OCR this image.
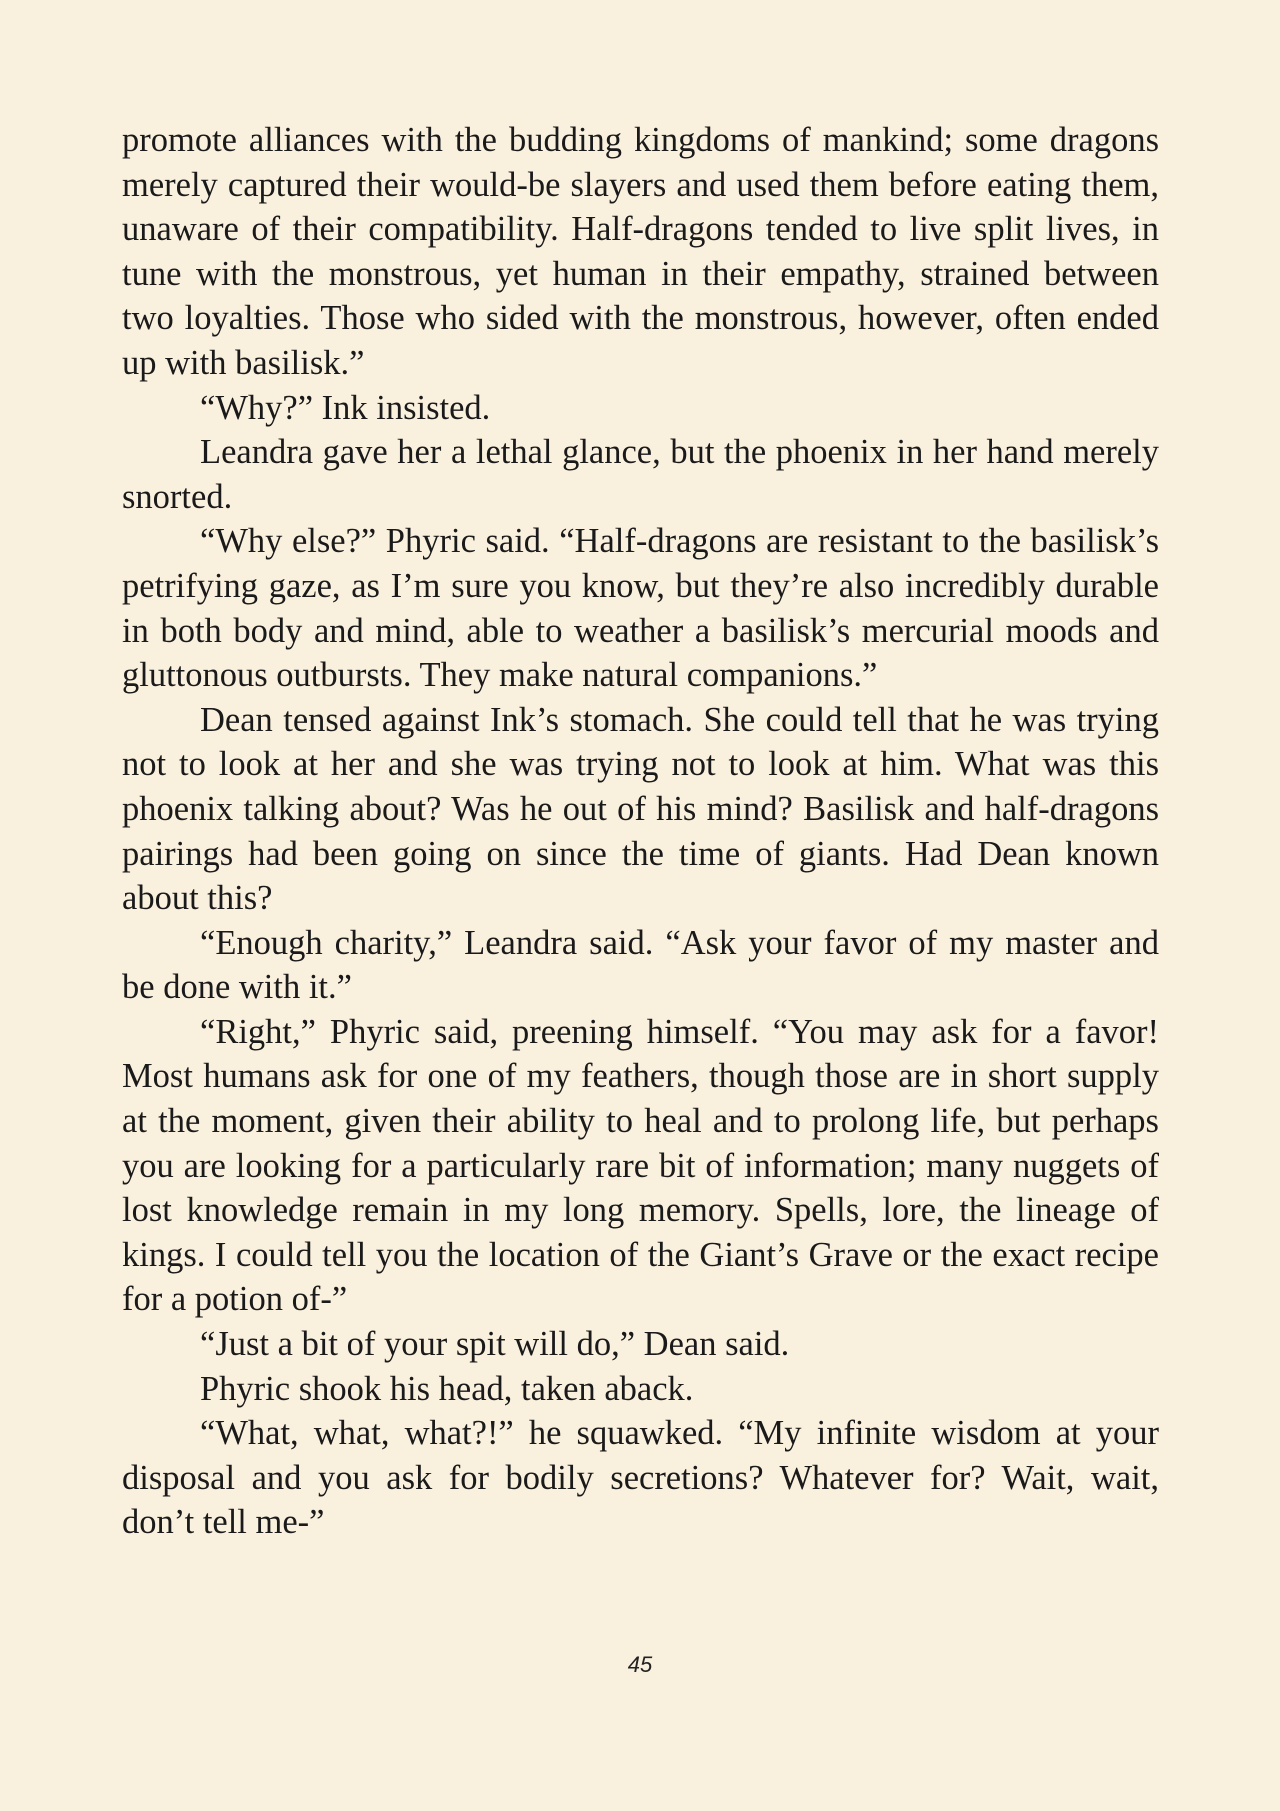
promote alliances with the budding kingdoms of mankind; some dragons merely captured their would-be slayers and used them before eating them, unaware of their compatibility. Half-dragons tended to live split lives, in tune with the monstrous, yet human in their empathy, strained between two loyalties. Those who sided with the monstrous, however, often ended up with basilisk.”

“Why?” Ink insisted.

Leandra gave her a lethal glance, but the phoenix in her hand merely snorted.

“Why else?” Phyric said. “Half-dragons are resistant to the basilisk’s petrifying gaze, as I’m sure you know, but they’re also incredibly durable in both body and mind, able to weather a basilisk’s mercurial moods and gluttonous outbursts. They make natural companions.”

Dean tensed against Ink’s stomach. She could tell that he was trying not to look at her and she was trying not to look at him. What was this phoenix talking about? Was he out of his mind? Basilisk and half-dragons pairings had been going on since the time of giants. Had Dean known about this?

“Enough charity,” Leandra said. “Ask your favor of my master and be done with it.”

“Right,” Phyric said, preening himself. “You may ask for a favor! Most humans ask for one of my feathers, though those are in short supply at the moment, given their ability to heal and to prolong life, but perhaps you are looking for a particularly rare bit of information; many nuggets of lost knowledge remain in my long memory. Spells, lore, the lineage of kings. I could tell you the location of the Giant’s Grave or the exact recipe for a potion of-”

“Just a bit of your spit will do,” Dean said.

Phyric shook his head, taken aback.

“What, what, what?!” he squawked. “My infinite wisdom at your disposal and you ask for bodily secretions? Whatever for? Wait, wait, don’t tell me-”

45
